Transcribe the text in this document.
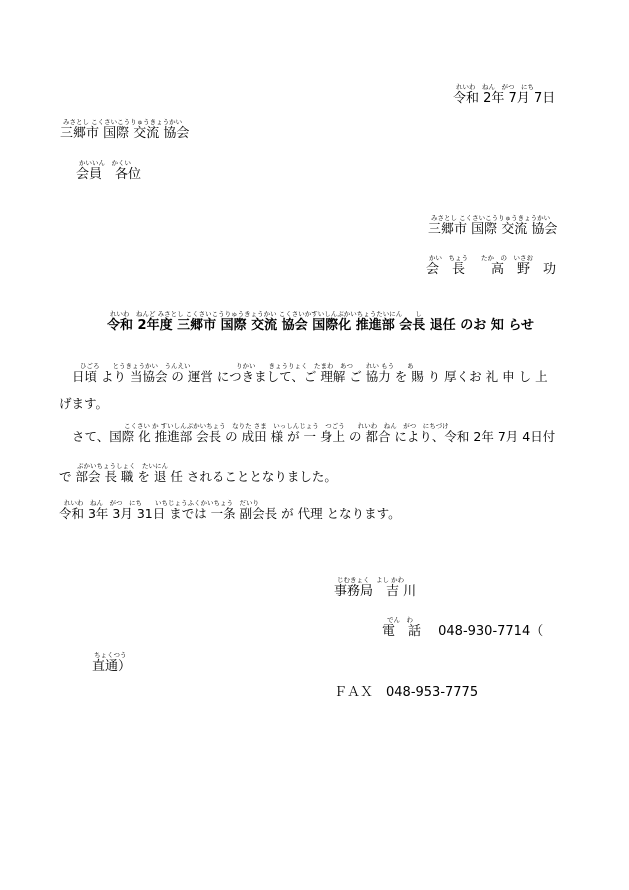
れいわ　ねん　がつ　にち
令和 2年 7月 7日
みさとし こくさいこうりゅうきょうかい
三郷市 国際 交流 協会
かいいん　かくい
会員　各位
みさとし こくさいこうりゅうきょうかい
三郷市 国際 交流 協会
かい　ちょう　　たか　の　いさお
会　長　　高　野　功
れいわ　ねんど みさとし こくさいこうりゅうきょうかい こくさいかすいしんぶかいちょうたいにん　　し
令和 2年度 三郷市 国際 交流 協会 国際化 推進部 会長 退任 のお 知 らせ
ひごろ　　とうきょうかい　うんえい　　　　　　　りかい　　きょうりょく　たまわ　あつ　　れい もう　　あ
日頃 より 当協会 の 運営 につきまして、ご 理解 ご 協力 を 賜 り 厚くお 礼 申 し 上
げます。
こくさい か すいしんぶかいちょう　なりた さま　いっしんじょう　つごう　　れいわ　ねん　がつ　にちづけ
さて、国際 化 推進部 会長 の 成田 様 が 一 身上 の 都合 により、令和 2年 7月 4日付
ぶかいちょうしょく　たいにん
で 部会 長 職 を 退 任 されることとなりました。
れいわ　ねん　がつ　にち　　いちじょうふくかいちょう　だいり
令和 3年 3月 31日 までは 一条 副会長 が 代理 となります。
じむきょく　よし かわ
事務局　吉 川
でん　わ
電　話　 048-930-7714（
ちょくつう
直通）
ＦＡＸ　048-953-7775
